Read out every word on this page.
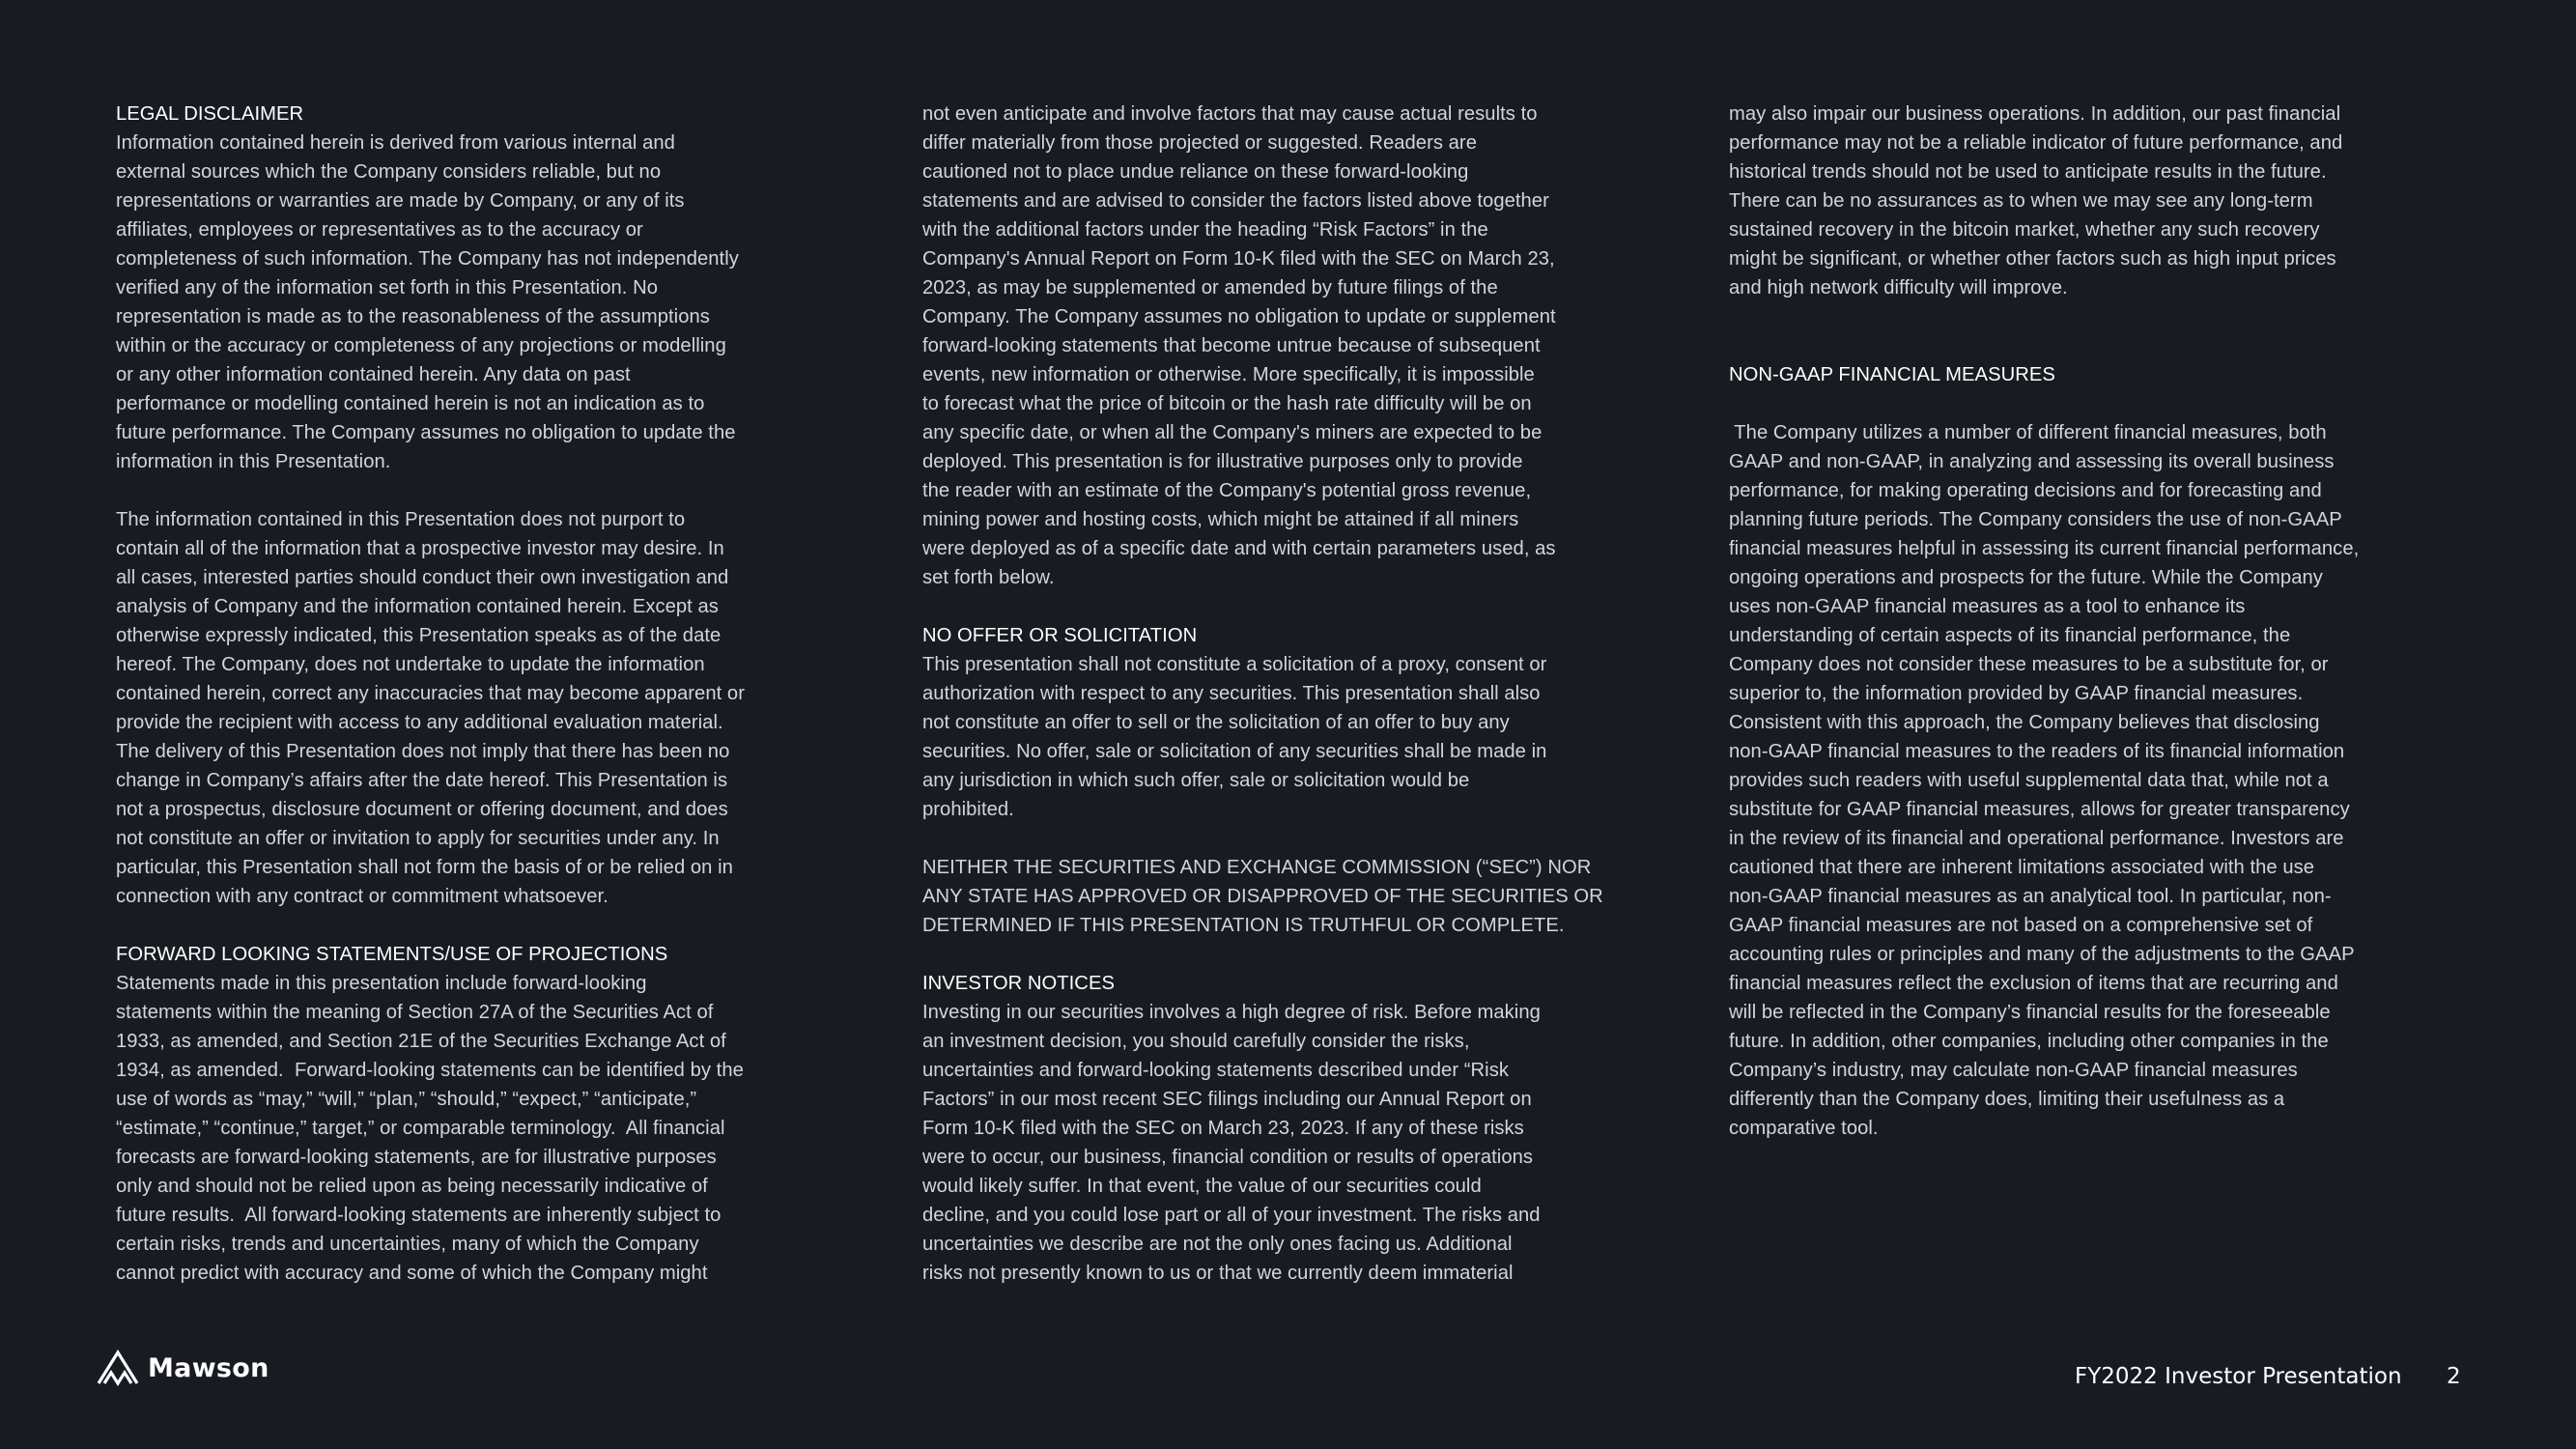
LEGAL DISCLAIMER
Information contained herein is derived from various internal and
external sources which the Company considers reliable, but no
representations or warranties are made by Company, or any of its
affiliates, employees or representatives as to the accuracy or
completeness of such information. The Company has not independently
verified any of the information set forth in this Presentation. No
representation is made as to the reasonableness of the assumptions
within or the accuracy or completeness of any projections or modelling
or any other information contained herein. Any data on past
performance or modelling contained herein is not an indication as to
future performance. The Company assumes no obligation to update the
information in this Presentation.
The information contained in this Presentation does not purport to
contain all of the information that a prospective investor may desire. In
all cases, interested parties should conduct their own investigation and
analysis of Company and the information contained herein. Except as
otherwise expressly indicated, this Presentation speaks as of the date
hereof. The Company, does not undertake to update the information
contained herein, correct any inaccuracies that may become apparent or
provide the recipient with access to any additional evaluation material.
The delivery of this Presentation does not imply that there has been no
change in Company’s affairs after the date hereof. This Presentation is
not a prospectus, disclosure document or offering document, and does
not constitute an offer or invitation to apply for securities under any. In
particular, this Presentation shall not form the basis of or be relied on in
connection with any contract or commitment whatsoever.
FORWARD LOOKING STATEMENTS/USE OF PROJECTIONS
Statements made in this presentation include forward-looking
statements within the meaning of Section 27A of the Securities Act of
1933, as amended, and Section 21E of the Securities Exchange Act of
1934, as amended.  Forward-looking statements can be identified by the
use of words as “may,” “will,” “plan,” “should,” “expect,” “anticipate,”
“estimate,” “continue,” target,” or comparable terminology.  All financial
forecasts are forward-looking statements, are for illustrative purposes
only and should not be relied upon as being necessarily indicative of
future results.  All forward-looking statements are inherently subject to
certain risks, trends and uncertainties, many of which the Company
cannot predict with accuracy and some of which the Company might
not even anticipate and involve factors that may cause actual results to
differ materially from those projected or suggested. Readers are
cautioned not to place undue reliance on these forward-looking
statements and are advised to consider the factors listed above together
with the additional factors under the heading “Risk Factors” in the
Company's Annual Report on Form 10-K filed with the SEC on March 23,
2023, as may be supplemented or amended by future filings of the
Company. The Company assumes no obligation to update or supplement
forward-looking statements that become untrue because of subsequent
events, new information or otherwise. More specifically, it is impossible
to forecast what the price of bitcoin or the hash rate difficulty will be on
any specific date, or when all the Company's miners are expected to be
deployed. This presentation is for illustrative purposes only to provide
the reader with an estimate of the Company's potential gross revenue,
mining power and hosting costs, which might be attained if all miners
were deployed as of a specific date and with certain parameters used, as
set forth below.
NO OFFER OR SOLICITATION
This presentation shall not constitute a solicitation of a proxy, consent or
authorization with respect to any securities. This presentation shall also
not constitute an offer to sell or the solicitation of an offer to buy any
securities. No offer, sale or solicitation of any securities shall be made in
any jurisdiction in which such offer, sale or solicitation would be
prohibited.
NEITHER THE SECURITIES AND EXCHANGE COMMISSION (“SEC”) NOR
ANY STATE HAS APPROVED OR DISAPPROVED OF THE SECURITIES OR
DETERMINED IF THIS PRESENTATION IS TRUTHFUL OR COMPLETE.
INVESTOR NOTICES
Investing in our securities involves a high degree of risk. Before making
an investment decision, you should carefully consider the risks,
uncertainties and forward-looking statements described under “Risk
Factors” in our most recent SEC filings including our Annual Report on
Form 10-K filed with the SEC on March 23, 2023. If any of these risks
were to occur, our business, financial condition or results of operations
would likely suffer. In that event, the value of our securities could
decline, and you could lose part or all of your investment. The risks and
uncertainties we describe are not the only ones facing us. Additional
risks not presently known to us or that we currently deem immaterial
may also impair our business operations. In addition, our past financial
performance may not be a reliable indicator of future performance, and
historical trends should not be used to anticipate results in the future.
There can be no assurances as to when we may see any long-term
sustained recovery in the bitcoin market, whether any such recovery
might be significant, or whether other factors such as high input prices
and high network difficulty will improve.
NON-GAAP FINANCIAL MEASURES
The Company utilizes a number of different financial measures, both
GAAP and non-GAAP, in analyzing and assessing its overall business
performance, for making operating decisions and for forecasting and
planning future periods. The Company considers the use of non-GAAP
financial measures helpful in assessing its current financial performance,
ongoing operations and prospects for the future. While the Company
uses non-GAAP financial measures as a tool to enhance its
understanding of certain aspects of its financial performance, the
Company does not consider these measures to be a substitute for, or
superior to, the information provided by GAAP financial measures.
Consistent with this approach, the Company believes that disclosing
non-GAAP financial measures to the readers of its financial information
provides such readers with useful supplemental data that, while not a
substitute for GAAP financial measures, allows for greater transparency
in the review of its financial and operational performance. Investors are
cautioned that there are inherent limitations associated with the use
non-GAAP financial measures as an analytical tool. In particular, non-
GAAP financial measures are not based on a comprehensive set of
accounting rules or principles and many of the adjustments to the GAAP
financial measures reflect the exclusion of items that are recurring and
will be reflected in the Company’s financial results for the foreseeable
future. In addition, other companies, including other companies in the
Company’s industry, may calculate non-GAAP financial measures
differently than the Company does, limiting their usefulness as a
comparative tool.
Mawson	FY2022 Investor Presentation 2
